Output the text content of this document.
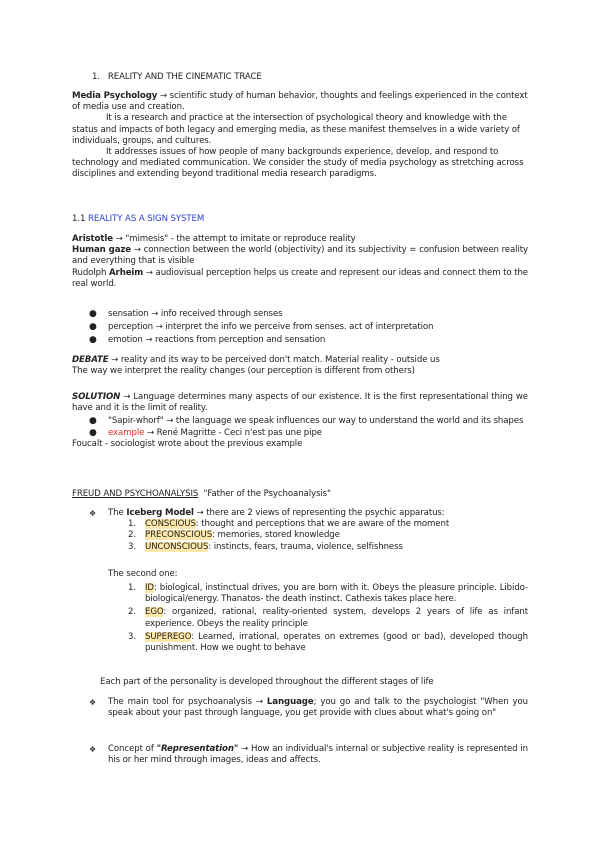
1. REALITY AND THE CINEMATIC TRACE

Media Psychology → scientific study of human behavior, thoughts and feelings experienced in the context of media use and creation.

It is a research and practice at the intersection of psychological theory and knowledge with the status and impacts of both legacy and emerging media, as these manifest themselves in a wide variety of individuals, groups, and cultures.

It addresses issues of how people of many backgrounds experience, develop, and respond to technology and mediated communication. We consider the study of media psychology as stretching across disciplines and extending beyond traditional media research paradigms.

1.1 REALITY AS A SIGN SYSTEM

Aristotle → "mimesis" - the attempt to imitate or reproduce reality

Human gaze → connection between the world (objectivity) and its subjectivity = confusion between reality and everything that is visible

Rudolph Arheim → audiovisual perception helps us create and represent our ideas and connect them to the real world.

● sensation → info received through senses
● perception → interpret the info we perceive from senses. act of interpretation
● emotion → reactions from perception and sensation

DEBATE → reality and its way to be perceived don't match. Material reality - outside us

The way we interpret the reality changes (our perception is different from others)

SOLUTION → Language determines many aspects of our existence. It is the first representational thing we have and it is the limit of reality.

● "Sapir-whorf" → the language we speak influences our way to understand the world and its shapes
● example → René Magritte - Ceci n'est pas une pipe

Foucalt - sociologist wrote about the previous example

FREUD AND PSYCHOANALYSIS "Father of the Psychoanalysis"
❖ The Iceberg Model → there are 2 views of representing the psychic apparatus:
1. CONSCIOUS: thought and perceptions that we are aware of the moment
2. PRECONSCIOUS: memories, stored knowledge
3. UNCONSCIOUS: instincts, fears, trauma, violence, selfishness
The second one:
1. ID: biological, instinctual drives, you are born with it. Obeys the pleasure principle. Libido- biological/energy. Thanatos- the death instinct. Cathexis takes place here.
2. EGO: organized, rational, reality-oriented system, develops 2 years of life as infant experience. Obeys the reality principle
3. SUPEREGO: Learned, irrational, operates on extremes (good or bad), developed though punishment. How we ought to behave
Each part of the personality is developed throughout the different stages of life
❖ The main tool for psychoanalysis → Language; you go and talk to the psychologist "When you speak about your past through language, you get provide with clues about what's going on"
❖ Concept of "Representation" → How an individual's internal or subjective reality is represented in his or her mind through images, ideas and affects.
